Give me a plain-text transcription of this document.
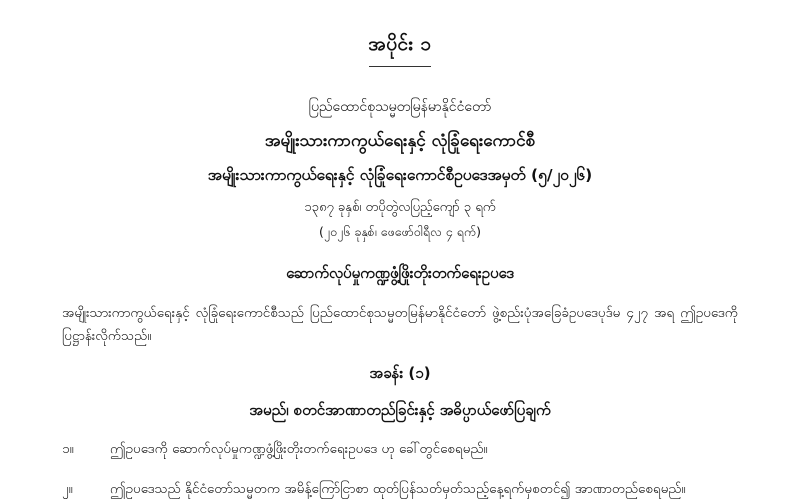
အပိုင်း ၁
ပြည်ထောင်စုသမ္မတမြန်မာနိုင်ငံတော်
အမျိုးသားကာကွယ်ရေးနှင့် လုံခြုံရေးကောင်စီ
အမျိုးသားကာကွယ်ရေးနှင့် လုံခြုံရေးကောင်စီဥပဒေအမှတ် (၅/၂၀၂၆)
၁၃၈၇ ခုနှစ်၊ တပိုတွဲလပြည့်ကျော် ၃ ရက်
(၂၀၂၆ ခုနှစ်၊ ဖေဖော်ဝါရီလ ၄ ရက်)
ဆောက်လုပ်မှုကဏ္ဍဖွံ့ဖြိုးတိုးတက်ရေးဥပဒေ
အမျိုးသားကာကွယ်ရေးနှင့် လုံခြုံရေးကောင်စီသည် ပြည်ထောင်စုသမ္မတမြန်မာနိုင်ငံတော် ဖွဲ့စည်းပုံအခြေခံဥပဒေပုဒ်မ ၄၂၇ အရ ဤဥပဒေကို ပြဋ္ဌာန်းလိုက်သည်။
အခန်း (၁)
အမည်၊ စတင်အာဏာတည်ခြင်းနှင့် အဓိပ္ပာယ်ဖော်ပြချက်
၁။	ဤဥပဒေကို ဆောက်လုပ်မှုကဏ္ဍဖွံ့ဖြိုးတိုးတက်ရေးဥပဒေ ဟု ခေါ်တွင်စေရမည်။
၂။	ဤဥပဒေသည် နိုင်ငံတော်သမ္မတက အမိန့်ကြော်ငြာစာ ထုတ်ပြန်သတ်မှတ်သည့်နေ့ရက်မှစတင်၍ အာဏာတည်စေရမည်။
